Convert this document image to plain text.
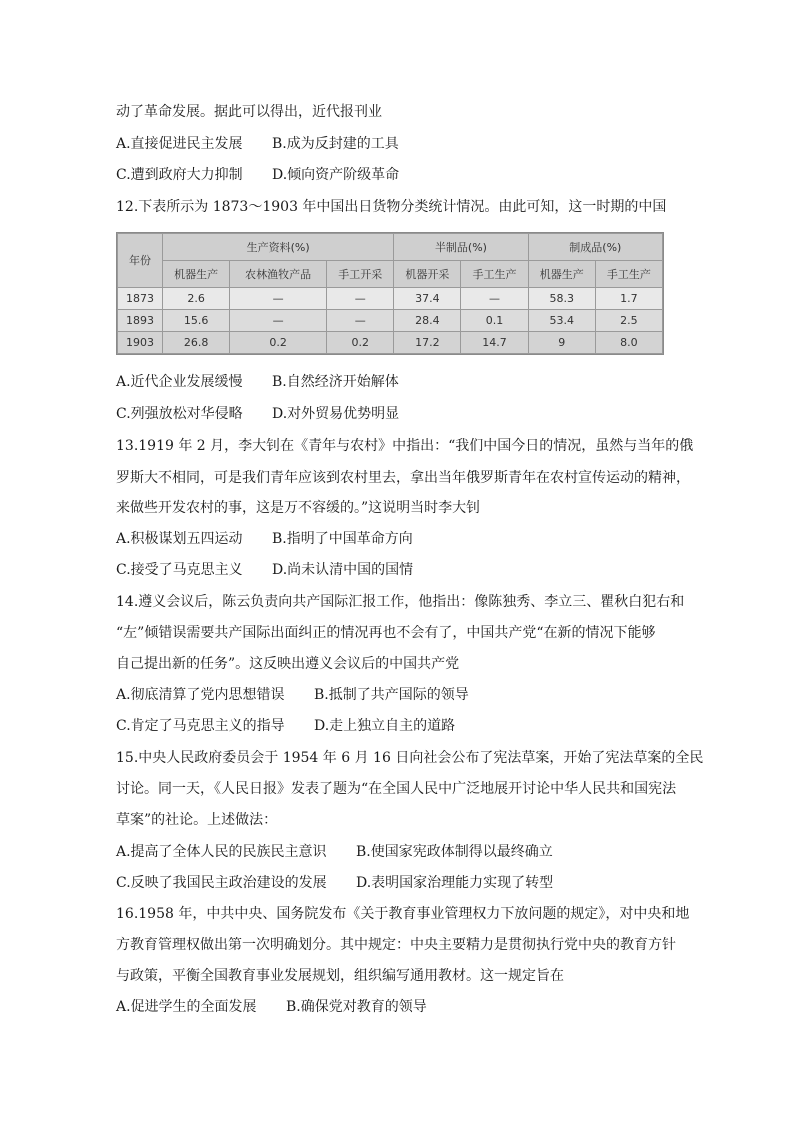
动了革命发展。据此可以得出，近代报刊业
A.直接促进民主发展 B.成为反封建的工具
C.遭到政府大力抑制 D.倾向资产阶级革命
12.下表所示为 1873～1903 年中国出日货物分类统计情况。由此可知，这一时期的中国
年份	生产资料(%)			半制品(%)		制成品(%)	
	机器生产	农林渔牧产品	手工开采	机器开采	手工生产	机器生产	手工生产
1873	2.6	—	—	37.4	—	58.3	1.7
1893	15.6	—	—	28.4	0.1	53.4	2.5
1903	26.8	0.2	0.2	17.2	14.7	9	8.0
A.近代企业发展缓慢 B.自然经济开始解体
C.列强放松对华侵略 D.对外贸易优势明显
13.1919 年 2 月，李大钊在《青年与农村》中指出：“我们中国今日的情况，虽然与当年的俄
罗斯大不相同，可是我们青年应该到农村里去，拿出当年俄罗斯青年在农村宣传运动的精神，
来做些开发农村的事，这是万不容缓的。”这说明当时李大钊
A.积极谋划五四运动 B.指明了中国革命方向
C.接受了马克思主义 D.尚未认清中国的国情
14.遵义会议后，陈云负责向共产国际汇报工作，他指出：像陈独秀、李立三、瞿秋白犯右和
“左”倾错误需要共产国际出面纠正的情况再也不会有了，中国共产党“在新的情况下能够
自己提出新的任务”。这反映出遵义会议后的中国共产党
A.彻底清算了党内思想错误 B.抵制了共产国际的领导
C.肯定了马克思主义的指导 D.走上独立自主的道路
15.中央人民政府委员会于 1954 年 6 月 16 日向社会公布了宪法草案，开始了宪法草案的全民
讨论。同一天，《人民日报》发表了题为“在全国人民中广泛地展开讨论中华人民共和国宪法
草案”的社论。上述做法：
A.提高了全体人民的民族民主意识 B.使国家宪政体制得以最终确立
C.反映了我国民主政治建设的发展 D.表明国家治理能力实现了转型
16.1958 年，中共中央、国务院发布《关于教育事业管理权力下放问题的规定》，对中央和地
方教育管理权做出第一次明确划分。其中规定：中央主要精力是贯彻执行党中央的教育方针
与政策，平衡全国教育事业发展规划，组织编写通用教材。这一规定旨在
A.促进学生的全面发展 B.确保党对教育的领导
